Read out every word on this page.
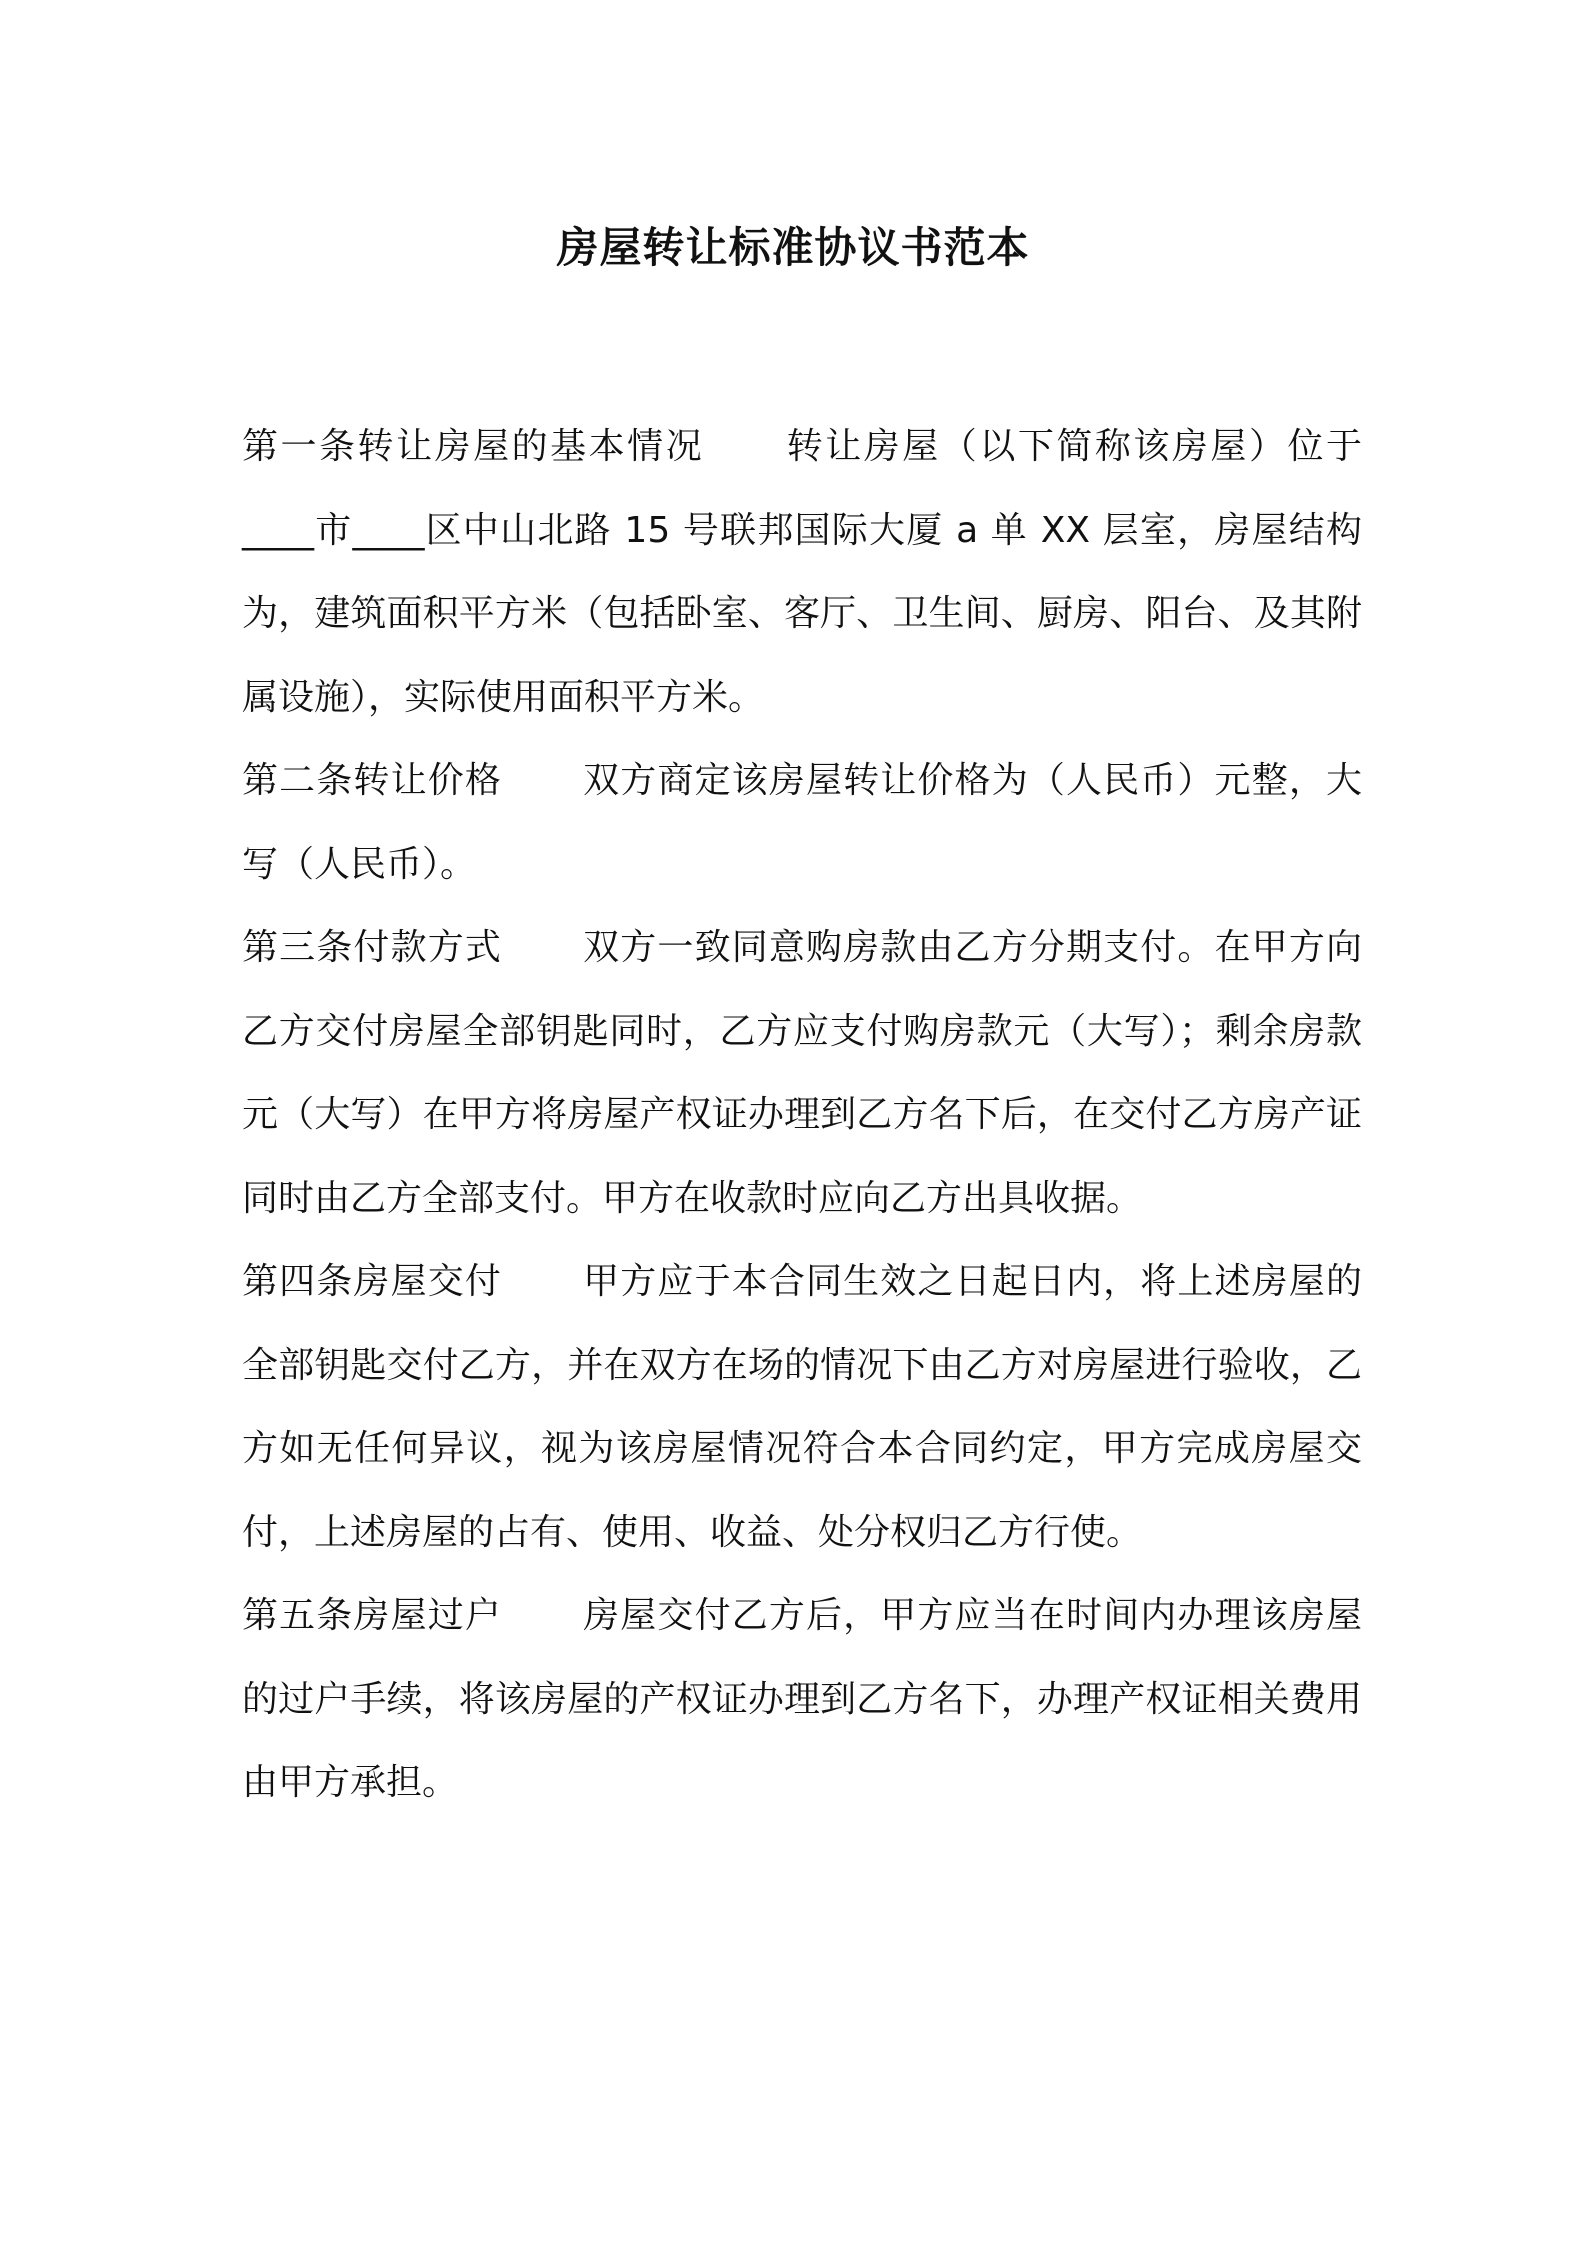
房屋转让标准协议书范本

第一条转让房屋的基本情况 转让房屋（以下简称该房屋）位于____市____区中山北路 15 号联邦国际大厦 a 单 XX 层室，房屋结构为，建筑面积平方米（包括卧室、客厅、卫生间、厨房、阳台、及其附属设施），实际使用面积平方米。

第二条转让价格 双方商定该房屋转让价格为（人民币）元整，大写（人民币）。

第三条付款方式 双方一致同意购房款由乙方分期支付。在甲方向乙方交付房屋全部钥匙同时，乙方应支付购房款元（大写）；剩余房款元（大写）在甲方将房屋产权证办理到乙方名下后，在交付乙方房产证同时由乙方全部支付。甲方在收款时应向乙方出具收据。

第四条房屋交付 甲方应于本合同生效之日起日内，将上述房屋的全部钥匙交付乙方，并在双方在场的情况下由乙方对房屋进行验收，乙方如无任何异议，视为该房屋情况符合本合同约定，甲方完成房屋交付，上述房屋的占有、使用、收益、处分权归乙方行使。

第五条房屋过户 房屋交付乙方后，甲方应当在时间内办理该房屋的过户手续，将该房屋的产权证办理到乙方名下，办理产权证相关费用由甲方承担。
